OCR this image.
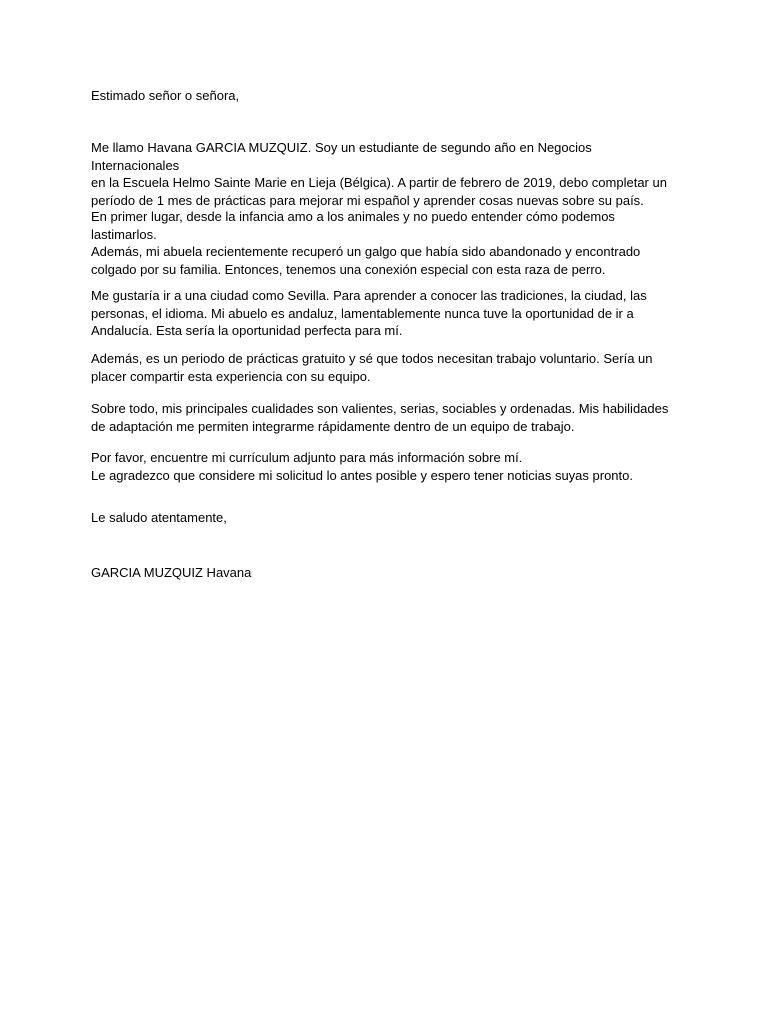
Estimado señor o señora,

Me llamo Havana GARCIA MUZQUIZ. Soy un estudiante de segundo año en Negocios Internacionales
en la Escuela Helmo Sainte Marie en Lieja (Bélgica). A partir de febrero de 2019, debo completar un
período de 1 mes de prácticas para mejorar mi español y aprender cosas nuevas sobre su país.

En primer lugar, desde la infancia amo a los animales y no puedo entender cómo podemos
lastimarlos.
Además, mi abuela recientemente recuperó un galgo que había sido abandonado y encontrado
colgado por su familia. Entonces, tenemos una conexión especial con esta raza de perro.

Me gustaría ir a una ciudad como Sevilla. Para aprender a conocer las tradiciones, la ciudad, las
personas, el idioma. Mi abuelo es andaluz, lamentablemente nunca tuve la oportunidad de ir a
Andalucía. Esta sería la oportunidad perfecta para mí.

Además, es un periodo de prácticas gratuito y sé que todos necesitan trabajo voluntario. Sería un
placer compartir esta experiencia con su equipo.

Sobre todo, mis principales cualidades son valientes, serias, sociables y ordenadas. Mis habilidades
de adaptación me permiten integrarme rápidamente dentro de un equipo de trabajo.

Por favor, encuentre mi currículum adjunto para más información sobre mí.
Le agradezco que considere mi solicitud lo antes posible y espero tener noticias suyas pronto.

Le saludo atentamente,

GARCIA MUZQUIZ Havana
